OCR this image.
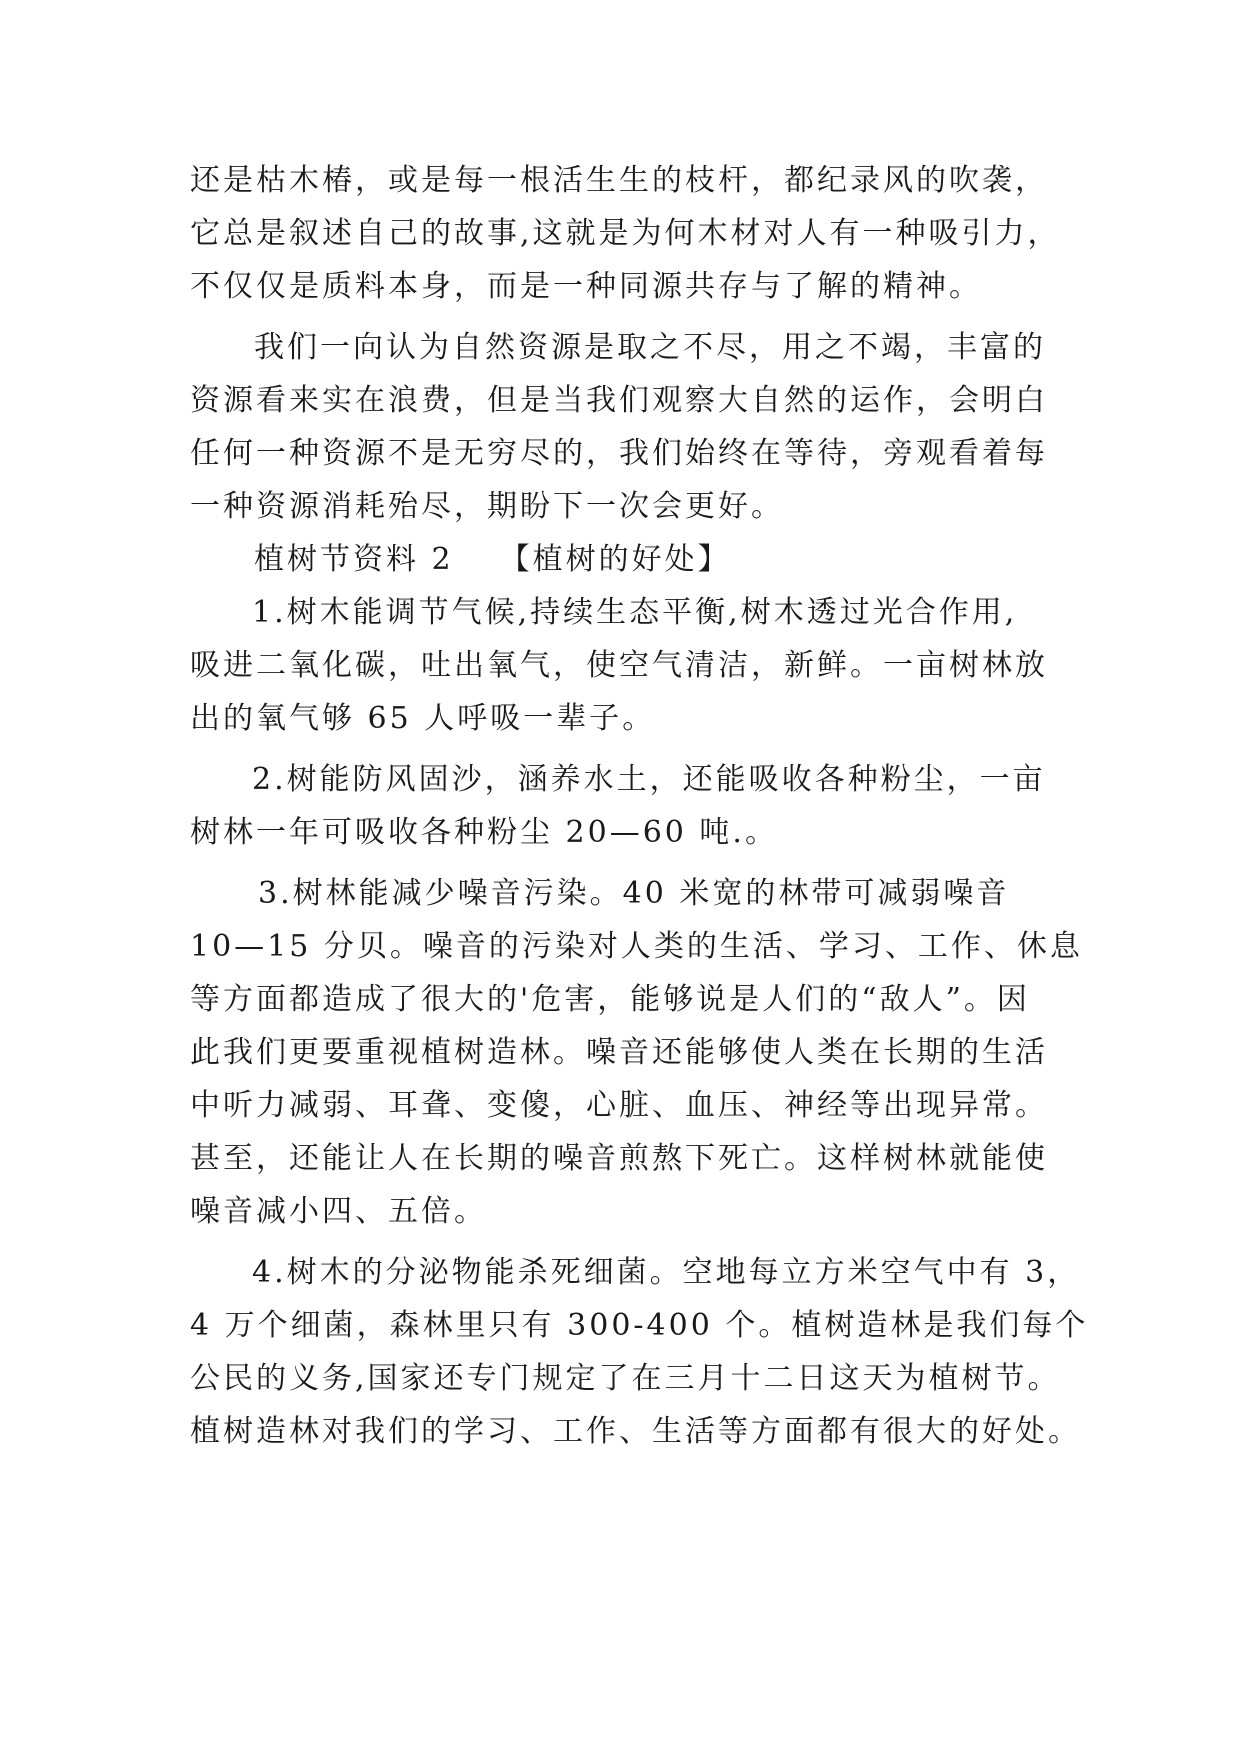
还是枯木椿，或是每一根活生生的枝杆，都纪录风的吹袭，
它总是叙述自己的故事,这就是为何木材对人有一种吸引力，
不仅仅是质料本身，而是一种同源共存与了解的精神。
我们一向认为自然资源是取之不尽，用之不竭，丰富的
资源看来实在浪费，但是当我们观察大自然的运作，会明白
任何一种资源不是无穷尽的，我们始终在等待，旁观看着每
一种资源消耗殆尽，期盼下一次会更好。
植树节资料 2 【植树的好处】
1.树木能调节气候,持续生态平衡,树木透过光合作用,
吸进二氧化碳，吐出氧气，使空气清洁，新鲜。一亩树林放
出的氧气够 65 人呼吸一辈子。
2.树能防风固沙，涵养水土，还能吸收各种粉尘，一亩
树林一年可吸收各种粉尘 20—60 吨.。
3.树林能减少噪音污染。40 米宽的林带可减弱噪音
10—15 分贝。噪音的污染对人类的生活、学习、工作、休息
等方面都造成了很大的'危害，能够说是人们的“敌人”。因
此我们更要重视植树造林。噪音还能够使人类在长期的生活
中听力减弱、耳聋、变傻，心脏、血压、神经等出现异常。
甚至，还能让人在长期的噪音煎熬下死亡。这样树林就能使
噪音减小四、五倍。
4.树木的分泌物能杀死细菌。空地每立方米空气中有 3，
4 万个细菌，森林里只有 300-400 个。植树造林是我们每个
公民的义务,国家还专门规定了在三月十二日这天为植树节。
植树造林对我们的学习、工作、生活等方面都有很大的好处。
